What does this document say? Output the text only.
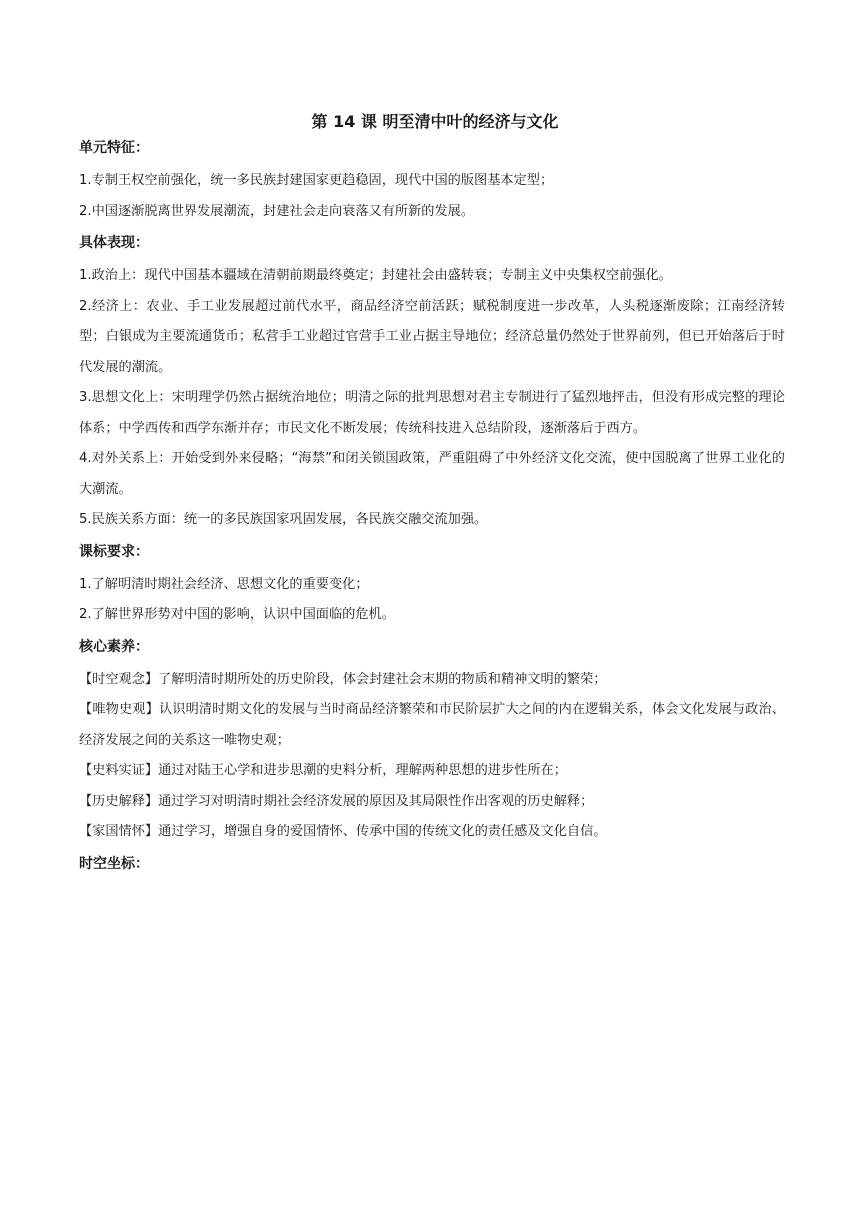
第 14 课 明至清中叶的经济与文化
单元特征：

1.专制王权空前强化，统一多民族封建国家更趋稳固，现代中国的版图基本定型；

2.中国逐渐脱离世界发展潮流，封建社会走向衰落又有所新的发展。

具体表现：

1.政治上：现代中国基本疆域在清朝前期最终奠定；封建社会由盛转衰；专制主义中央集权空前强化。

2.经济上：农业、手工业发展超过前代水平，商品经济空前活跃；赋税制度进一步改革，人头税逐渐废除；江南经济转型；白银成为主要流通货币；私营手工业超过官营手工业占据主导地位；经济总量仍然处于世界前列，但已开始落后于时代发展的潮流。

3.思想文化上：宋明理学仍然占据统治地位；明清之际的批判思想对君主专制进行了猛烈地抨击，但没有形成完整的理论体系；中学西传和西学东渐并存；市民文化不断发展；传统科技进入总结阶段，逐渐落后于西方。

4.对外关系上：开始受到外来侵略；“海禁”和闭关锁国政策，严重阻碍了中外经济文化交流，使中国脱离了世界工业化的大潮流。

5.民族关系方面：统一的多民族国家巩固发展，各民族交融交流加强。

课标要求：

1.了解明清时期社会经济、思想文化的重要变化；

2.了解世界形势对中国的影响，认识中国面临的危机。

核心素养：

【时空观念】了解明清时期所处的历史阶段，体会封建社会末期的物质和精神文明的繁荣；

【唯物史观】认识明清时期文化的发展与当时商品经济繁荣和市民阶层扩大之间的内在逻辑关系，体会文化发展与政治、经济发展之间的关系这一唯物史观；

【史料实证】通过对陆王心学和进步思潮的史料分析，理解两种思想的进步性所在；

【历史解释】通过学习对明清时期社会经济发展的原因及其局限性作出客观的历史解释；

【家国情怀】通过学习，增强自身的爱国情怀、传承中国的传统文化的责任感及文化自信。

时空坐标：
